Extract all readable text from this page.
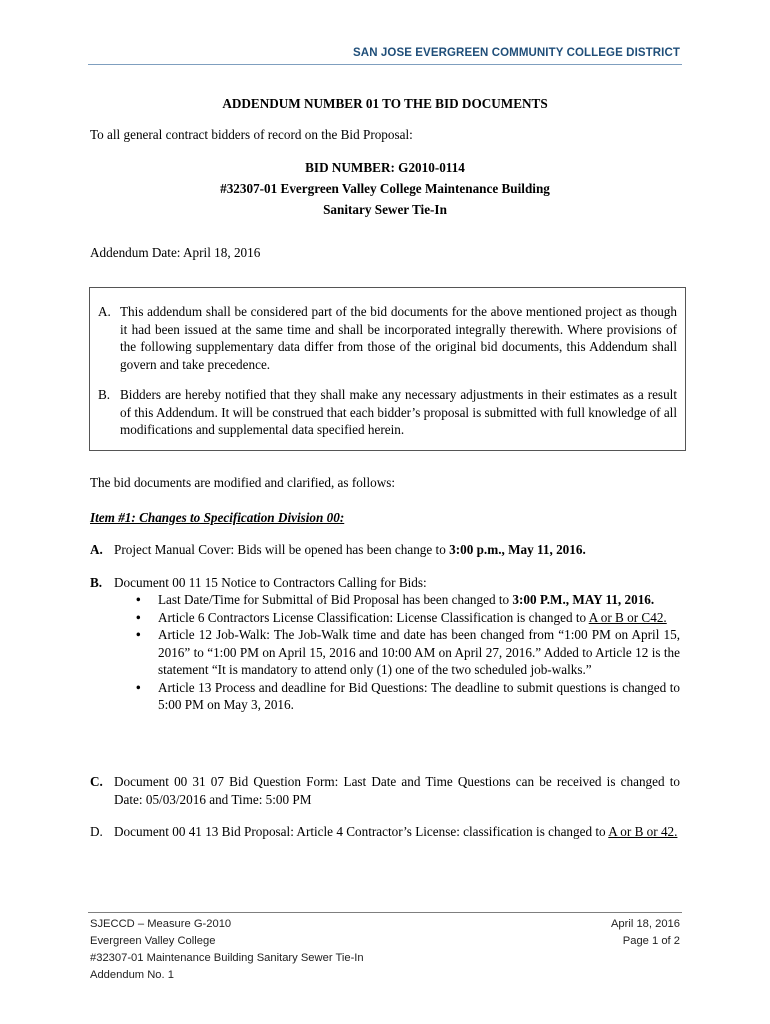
SAN JOSE EVERGREEN COMMUNITY COLLEGE DISTRICT
ADDENDUM NUMBER 01 TO THE BID DOCUMENTS
To all general contract bidders of record on the Bid Proposal:
BID NUMBER: G2010-0114
#32307-01 Evergreen Valley College Maintenance Building
Sanitary Sewer Tie-In
Addendum Date: April 18, 2016
A. This addendum shall be considered part of the bid documents for the above mentioned project as though it had been issued at the same time and shall be incorporated integrally therewith. Where provisions of the following supplementary data differ from those of the original bid documents, this Addendum shall govern and take precedence.
B. Bidders are hereby notified that they shall make any necessary adjustments in their estimates as a result of this Addendum. It will be construed that each bidder’s proposal is submitted with full knowledge of all modifications and supplemental data specified herein.
The bid documents are modified and clarified, as follows:
Item #1: Changes to Specification Division 00:
A. Project Manual Cover: Bids will be opened has been change to 3:00 p.m., May 11, 2016.
B. Document 00 11 15 Notice to Contractors Calling for Bids:
• Last Date/Time for Submittal of Bid Proposal has been changed to 3:00 P.M., MAY 11, 2016.
• Article 6 Contractors License Classification: License Classification is changed to A or B or C42.
• Article 12 Job-Walk: The Job-Walk time and date has been changed from “1:00 PM on April 15, 2016” to “1:00 PM on April 15, 2016 and 10:00 AM on April 27, 2016.” Added to Article 12 is the statement “It is mandatory to attend only (1) one of the two scheduled job-walks.”
• Article 13 Process and deadline for Bid Questions: The deadline to submit questions is changed to 5:00 PM on May 3, 2016.
C. Document 00 31 07 Bid Question Form: Last Date and Time Questions can be received is changed to Date: 05/03/2016 and Time: 5:00 PM
D. Document 00 41 13 Bid Proposal: Article 4 Contractor’s License: classification is changed to A or B or 42.
SJECCD – Measure G-2010
Evergreen Valley College
#32307-01 Maintenance Building Sanitary Sewer Tie-In
Addendum No. 1
April 18, 2016
Page 1 of 2
